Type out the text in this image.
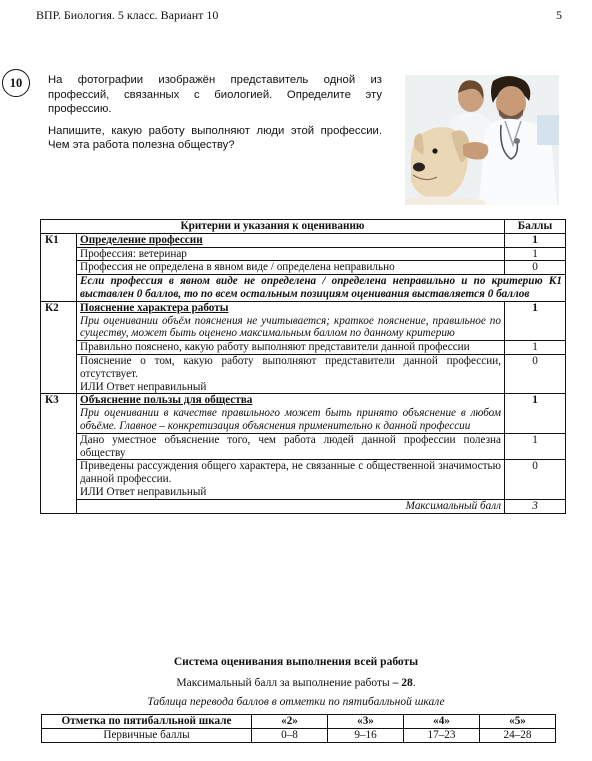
ВПР. Биология. 5 класс. Вариант 10	5
10	На фотографии изображён представитель одной из профессий, связанных с биологией. Определите эту профессию.

Напишите, какую работу выполняют люди этой профессии. Чем эта работа полезна обществу?

Критерии и указания к оцениванию		Баллы
К1	Определение профессии	1
	Профессия: ветеринар	1
	Профессия не определена в явном виде / определена неправильно	0
	Если профессия в явном виде не определена / определена неправильно и по критерию К1 выставлен 0 баллов, то по всем остальным позициям оценивания выставляется 0 баллов	
К2	Пояснение характера работы
При оценивании объём пояснения не учитывается; краткое пояснение, правильное по существу, может быть оценено максимальным баллом по данному критерию	1
	Правильно пояснено, какую работу выполняют представители данной профессии	1

	Пояснение о том, какую работу выполняют представители данной профессии, отсутствует.
ИЛИ Ответ неправильный	0
К3	Объяснение пользы для общества
При оценивании в качестве правильного может быть принято объяснение в любом объёме. Главное – конкретизация объяснения применительно к данной профессии	1
	Дано уместное объяснение того, чем работа людей данной профессии полезна обществу	1

	Приведены рассуждения общего характера, не связанные с общественной значимостью данной профессии.
ИЛИ Ответ неправильный	0
	Максимальный балл	3
Система оценивания выполнения всей работы
Максимальный балл за выполнение работы – 28.
Таблица перевода баллов в отметки по пятибалльной шкале
Отметка по пятибалльной шкале	«2»	«3»	«4»	«5»
Первичные баллы	0–8	9–16	17–23	24–28
